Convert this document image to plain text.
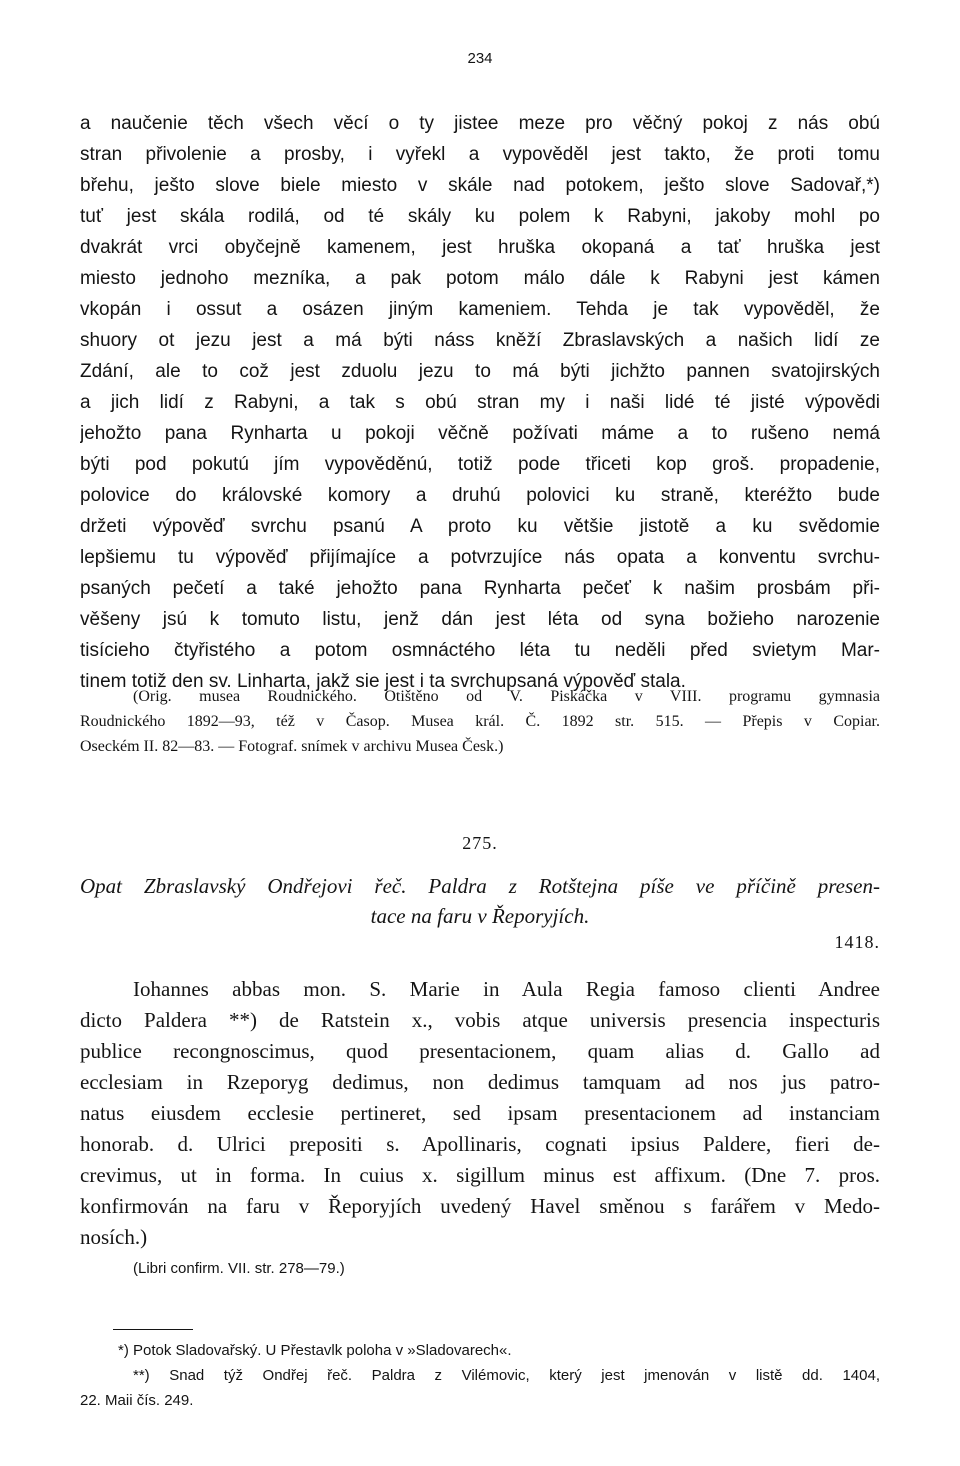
234
a naučenie těch všech věcí o ty jistee meze pro věčný pokoj z nás obú
stran přivolenie a prosby, i vyřekl a vypověděl jest takto, že proti tomu
břehu, ješto slove biele miesto v skále nad potokem, ješto slove Sadovař,*)
tuť jest skála rodilá, od té skály ku polem k Rabyni, jakoby mohl po
dvakrát vrci obyčejně kamenem, jest hruška okopaná a tať hruška jest
miesto jednoho mezníka, a pak potom málo dále k Rabyni jest kámen
vkopán i ossut a osázen jiným kameniem. Tehda je tak vypověděl, že
shuory ot jezu jest a má býti náss kněží Zbraslavských a našich lidí ze
Zdání, ale to což jest zduolu jezu to má býti jichžto pannen svatojirských
a jich lidí z Rabyni, a tak s obú stran my i naši lidé té jisté výpovědi
jehožto pana Rynharta u pokoji věčně požívati máme a to rušeno nemá
býti pod pokutú jím vypověděnú, totiž pode třiceti kop groš. propadenie,
polovice do královské komory a druhú polovici ku straně, kteréžto bude
držeti výpověď svrchu psanú A proto ku většie jistotě a ku svědomie
lepšiemu tu výpověď přijímajíce a potvrzujíce nás opata a konventu svrchu-
psaných pečetí a také jehožto pana Rynharta pečeť k našim prosbám při-
věšeny jsú k tomuto listu, jenž dán jest léta od syna božieho narozenie
tisícieho čtyřistého a potom osmnáctého léta tu neděli před svietym Mar-
tinem totiž den sv. Linharta, jakž sie jest i ta svrchupsaná výpověď stala.
(Orig. musea Roudnického. Otištěno od V. Piskáčka v VIII. programu gymnasia
Roudnického 1892—93, též v Časop. Musea král. Č. 1892 str. 515. — Přepis v Copiar.
Oseckém II. 82—83. — Fotograf. snímek v archivu Musea Česk.)
275.
Opat Zbraslavský Ondřejovi řeč. Paldra z Rotštejna píše ve příčině presen-
tace na faru v Řeporyjích.
1418.
Iohannes abbas mon. S. Marie in Aula Regia famoso clienti Andree
dicto Paldera **) de Ratstein x., vobis atque universis presencia inspecturis
publice recongnoscimus, quod presentacionem, quam alias d. Gallo ad
ecclesiam in Rzeporyg dedimus, non dedimus tamquam ad nos jus patro-
natus eiusdem ecclesie pertineret, sed ipsam presentacionem ad instanciam
honorab. d. Ulrici prepositi s. Apollinaris, cognati ipsius Paldere, fieri de-
crevimus, ut in forma. In cuius x. sigillum minus est affixum. (Dne 7. pros.
konfirmován na faru v Řeporyjích uvedený Havel směnou s farářem v Medo-
nosích.)
(Libri confirm. VII. str. 278—79.)
*) Potok Sladovařský. U Přestavlk poloha v »Sladovarech«.
**) Snad týž Ondřej řeč. Paldra z Vilémovic, který jest jmenován v listě dd. 1404,
22. Maii čís. 249.
